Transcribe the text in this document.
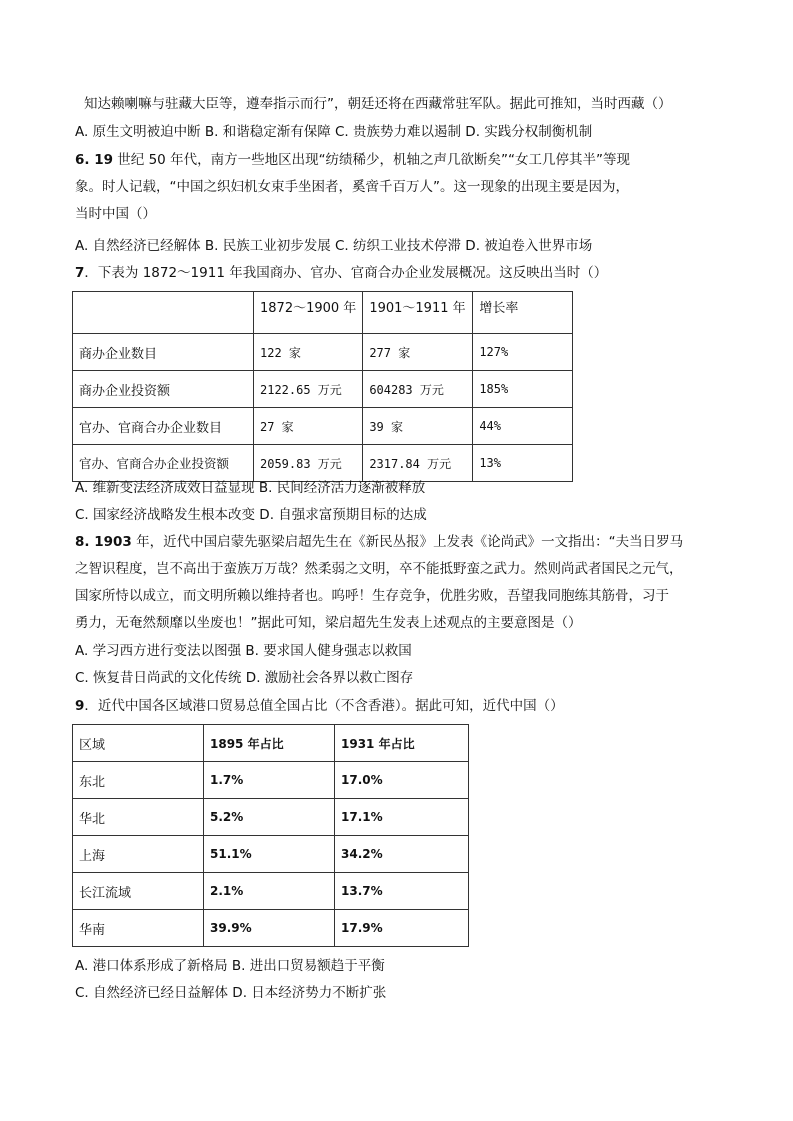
知达赖喇嘛与驻藏大臣等，遵奉指示而行”，朝廷还将在西藏常驻军队。据此可推知，当时西藏（）
A. 原生文明被迫中断 B. 和谐稳定渐有保障 C. 贵族势力难以遏制 D. 实践分权制衡机制
6. 19 世纪 50 年代，南方一些地区出现“纺绩稀少，机轴之声几欲断矣”“女工几停其半”等现
象。时人记载，“中国之织妇机女束手坐困者，奚啻千百万人”。这一现象的出现主要是因为，
当时中国（）
A. 自然经济已经解体 B. 民族工业初步发展 C. 纺织工业技术停滞 D. 被迫卷入世界市场
7．下表为 1872～1911 年我国商办、官办、官商合办企业发展概况。这反映出当时（）
	1872～1900 年	1901～1911 年	增长率
商办企业数目	122 家	277 家	127%
商办企业投资额	2122.65 万元	604283 万元	185%
官办、官商合办企业数目	27 家	39 家	44%
官办、官商合办企业投资额	2059.83 万元	2317.84 万元	13%
A. 维新变法经济成效日益显现 B. 民间经济活力逐渐被释放
C. 国家经济战略发生根本改变 D. 自强求富预期目标的达成
8. 1903 年，近代中国启蒙先驱梁启超先生在《新民丛报》上发表《论尚武》一文指出：“夫当日罗马
之智识程度，岂不高出于蛮族万万哉？然柔弱之文明，卒不能抵野蛮之武力。然则尚武者国民之元气，
国家所恃以成立，而文明所赖以维持者也。呜呼！生存竞争，优胜劣败，吾望我同胞练其筋骨，习于
勇力，无奄然颓靡以坐废也！”据此可知，梁启超先生发表上述观点的主要意图是（）
A. 学习西方进行变法以图强 B. 要求国人健身强志以救国
C. 恢复昔日尚武的文化传统 D. 激励社会各界以救亡图存
9．近代中国各区域港口贸易总值全国占比（不含香港）。据此可知，近代中国（）
区域	1895 年占比	1931 年占比
东北	1.7%	17.0%
华北	5.2%	17.1%
上海	51.1%	34.2%
长江流域	2.1%	13.7%
华南	39.9%	17.9%
A. 港口体系形成了新格局 B. 进出口贸易额趋于平衡
C. 自然经济已经日益解体 D. 日本经济势力不断扩张
